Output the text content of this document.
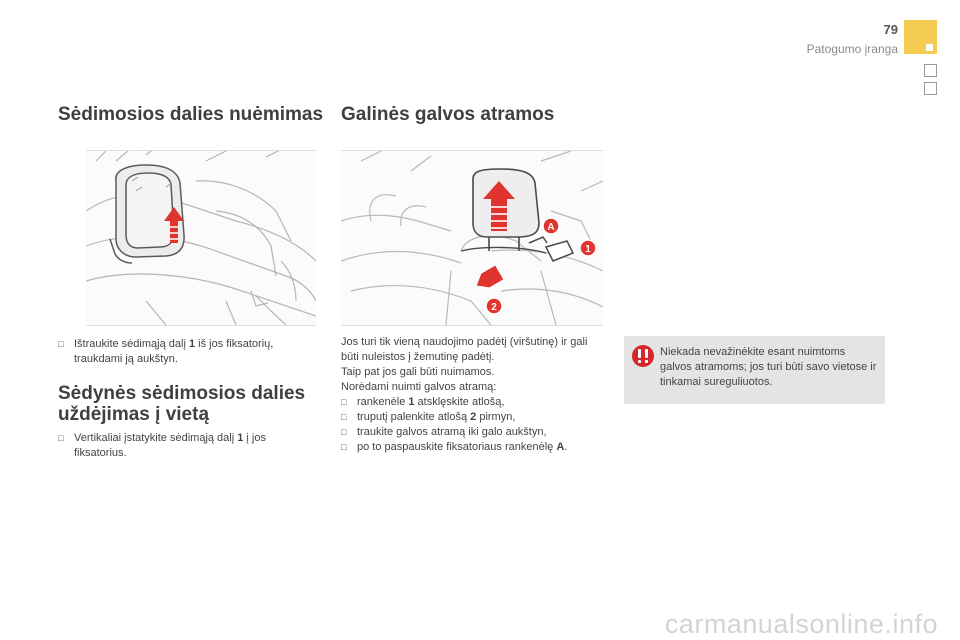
79
Patogumo įranga
Sėdimosios dalies nuėmimas
□ Ištraukite sėdimąją dalį 1 iš jos fiksatorių, traukdami ją aukštyn.
Sėdynės sėdimosios dalies uždėjimas į vietą
□ Vertikaliai įstatykite sėdimąją dalį 1 į jos fiksatorius.
Galinės galvos atramos
A
1
2

Jos turi tik vieną naudojimo padėtį (viršutinę) ir gali būti nuleistos į žemutinę padėtį.

Taip pat jos gali būti nuimamos.

Norėdami nuimti galvos atramą:

□ rankenėle 1 atsklęskite atlošą,
□ truputį palenkite atlošą 2 pirmyn,
□ traukite galvos atramą iki galo aukštyn,
□ po to paspauskite fiksatoriaus rankenėlę A.
Niekada nevažinėkite esant nuimtoms galvos atramoms; jos turi būti savo vietose ir tinkamai sureguliuotos.
carmanualsonline.info
